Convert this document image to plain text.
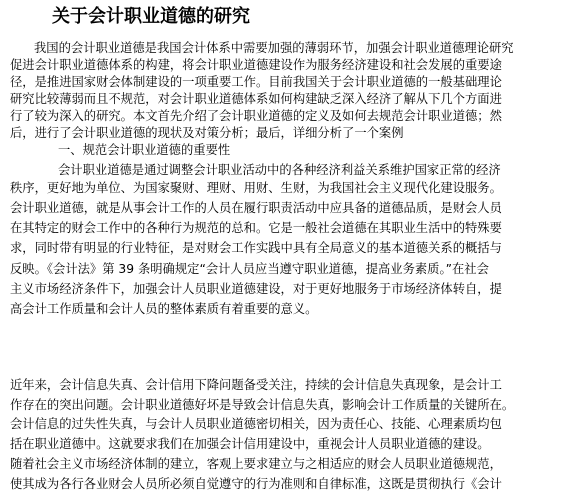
关于会计职业道德的研究
我国的会计职业道德是我国会计体系中需要加强的薄弱环节，加强会计职业道德理论研究
促进会计职业道德体系的构建，将会计职业道德建设作为服务经济建设和社会发展的重要途
径，是推进国家财会体制建设的一项重要工作。目前我国关于会计职业道德的一般基础理论
研究比较薄弱而且不规范，对会计职业道德体系如何构建缺乏深入经济了解从下几个方面进
行了较为深入的研究。本文首先介绍了会计职业道德的定义及如何去规范会计职业道德；然
后，进行了会计职业道德的现状及对策分析；最后，详细分析了一个案例
一、规范会计职业道德的重要性
会计职业道德是通过调整会计职业活动中的各种经济利益关系维护国家正常的经济
秩序，更好地为单位、为国家聚财、理财、用财、生财，为我国社会主义现代化建设服务。
会计职业道德，就是从事会计工作的人员在履行职责活动中应具备的道德品质，是财会人员
在其特定的财会工作中的各种行为规范的总和。它是一般社会道德在其职业生活中的特殊要
求，同时带有明显的行业特征，是对财会工作实践中具有全局意义的基本道德关系的概括与
反映。《会计法》第 39 条明确规定“会计人员应当遵守职业道德，提高业务素质。”在社会
主义市场经济条件下，加强会计人员职业道德建设，对于更好地服务于市场经济体转自，提
高会计工作质量和会计人员的整体素质有着重要的意义。
近年来，会计信息失真、会计信用下降问题备受关注，持续的会计信息失真现象，是会计工
作存在的突出问题。会计职业道德好坏是导致会计信息失真，影响会计工作质量的关键所在。
会计信息的过失性失真，与会计人员职业道德密切相关，因为责任心、技能、心理素质均包
括在职业道德中。这就要求我们在加强会计信用建设中，重视会计人员职业道德的建设。
随着社会主义市场经济体制的建立，客观上要求建立与之相适应的财会人员职业道德规范，
使其成为各行各业财会人员所必须自觉遵守的行为准则和自律标准，这既是贯彻执行《会计
